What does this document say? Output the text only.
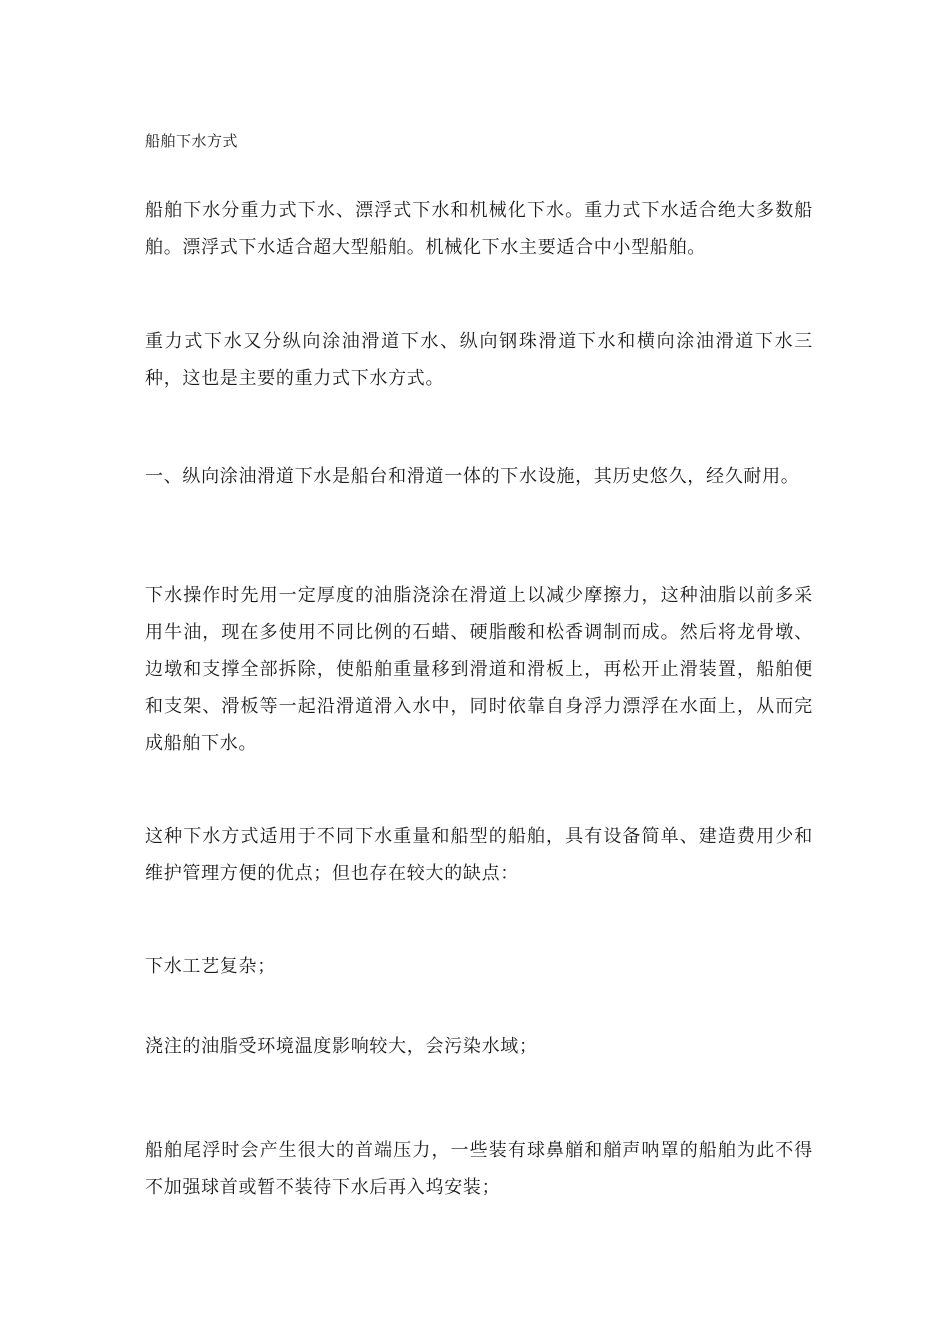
船舶下水方式

船舶下水分重力式下水、漂浮式下水和机械化下水。重力式下水适合绝大多数船舶。漂浮式下水适合超大型船舶。机械化下水主要适合中小型船舶。

重力式下水又分纵向涂油滑道下水、纵向钢珠滑道下水和横向涂油滑道下水三种，这也是主要的重力式下水方式。

一、纵向涂油滑道下水是船台和滑道一体的下水设施，其历史悠久，经久耐用。

下水操作时先用一定厚度的油脂浇涂在滑道上以减少摩擦力，这种油脂以前多采用牛油，现在多使用不同比例的石蜡、硬脂酸和松香调制而成。然后将龙骨墩、边墩和支撑全部拆除，使船舶重量移到滑道和滑板上，再松开止滑装置，船舶便和支架、滑板等一起沿滑道滑入水中，同时依靠自身浮力漂浮在水面上，从而完成船舶下水。

这种下水方式适用于不同下水重量和船型的船舶，具有设备简单、建造费用少和维护管理方便的优点；但也存在较大的缺点：

下水工艺复杂；

浇注的油脂受环境温度影响较大，会污染水域；

船舶尾浮时会产生很大的首端压力，一些装有球鼻艏和艏声呐罩的船舶为此不得不加强球首或暂不装待下水后再入坞安装；
